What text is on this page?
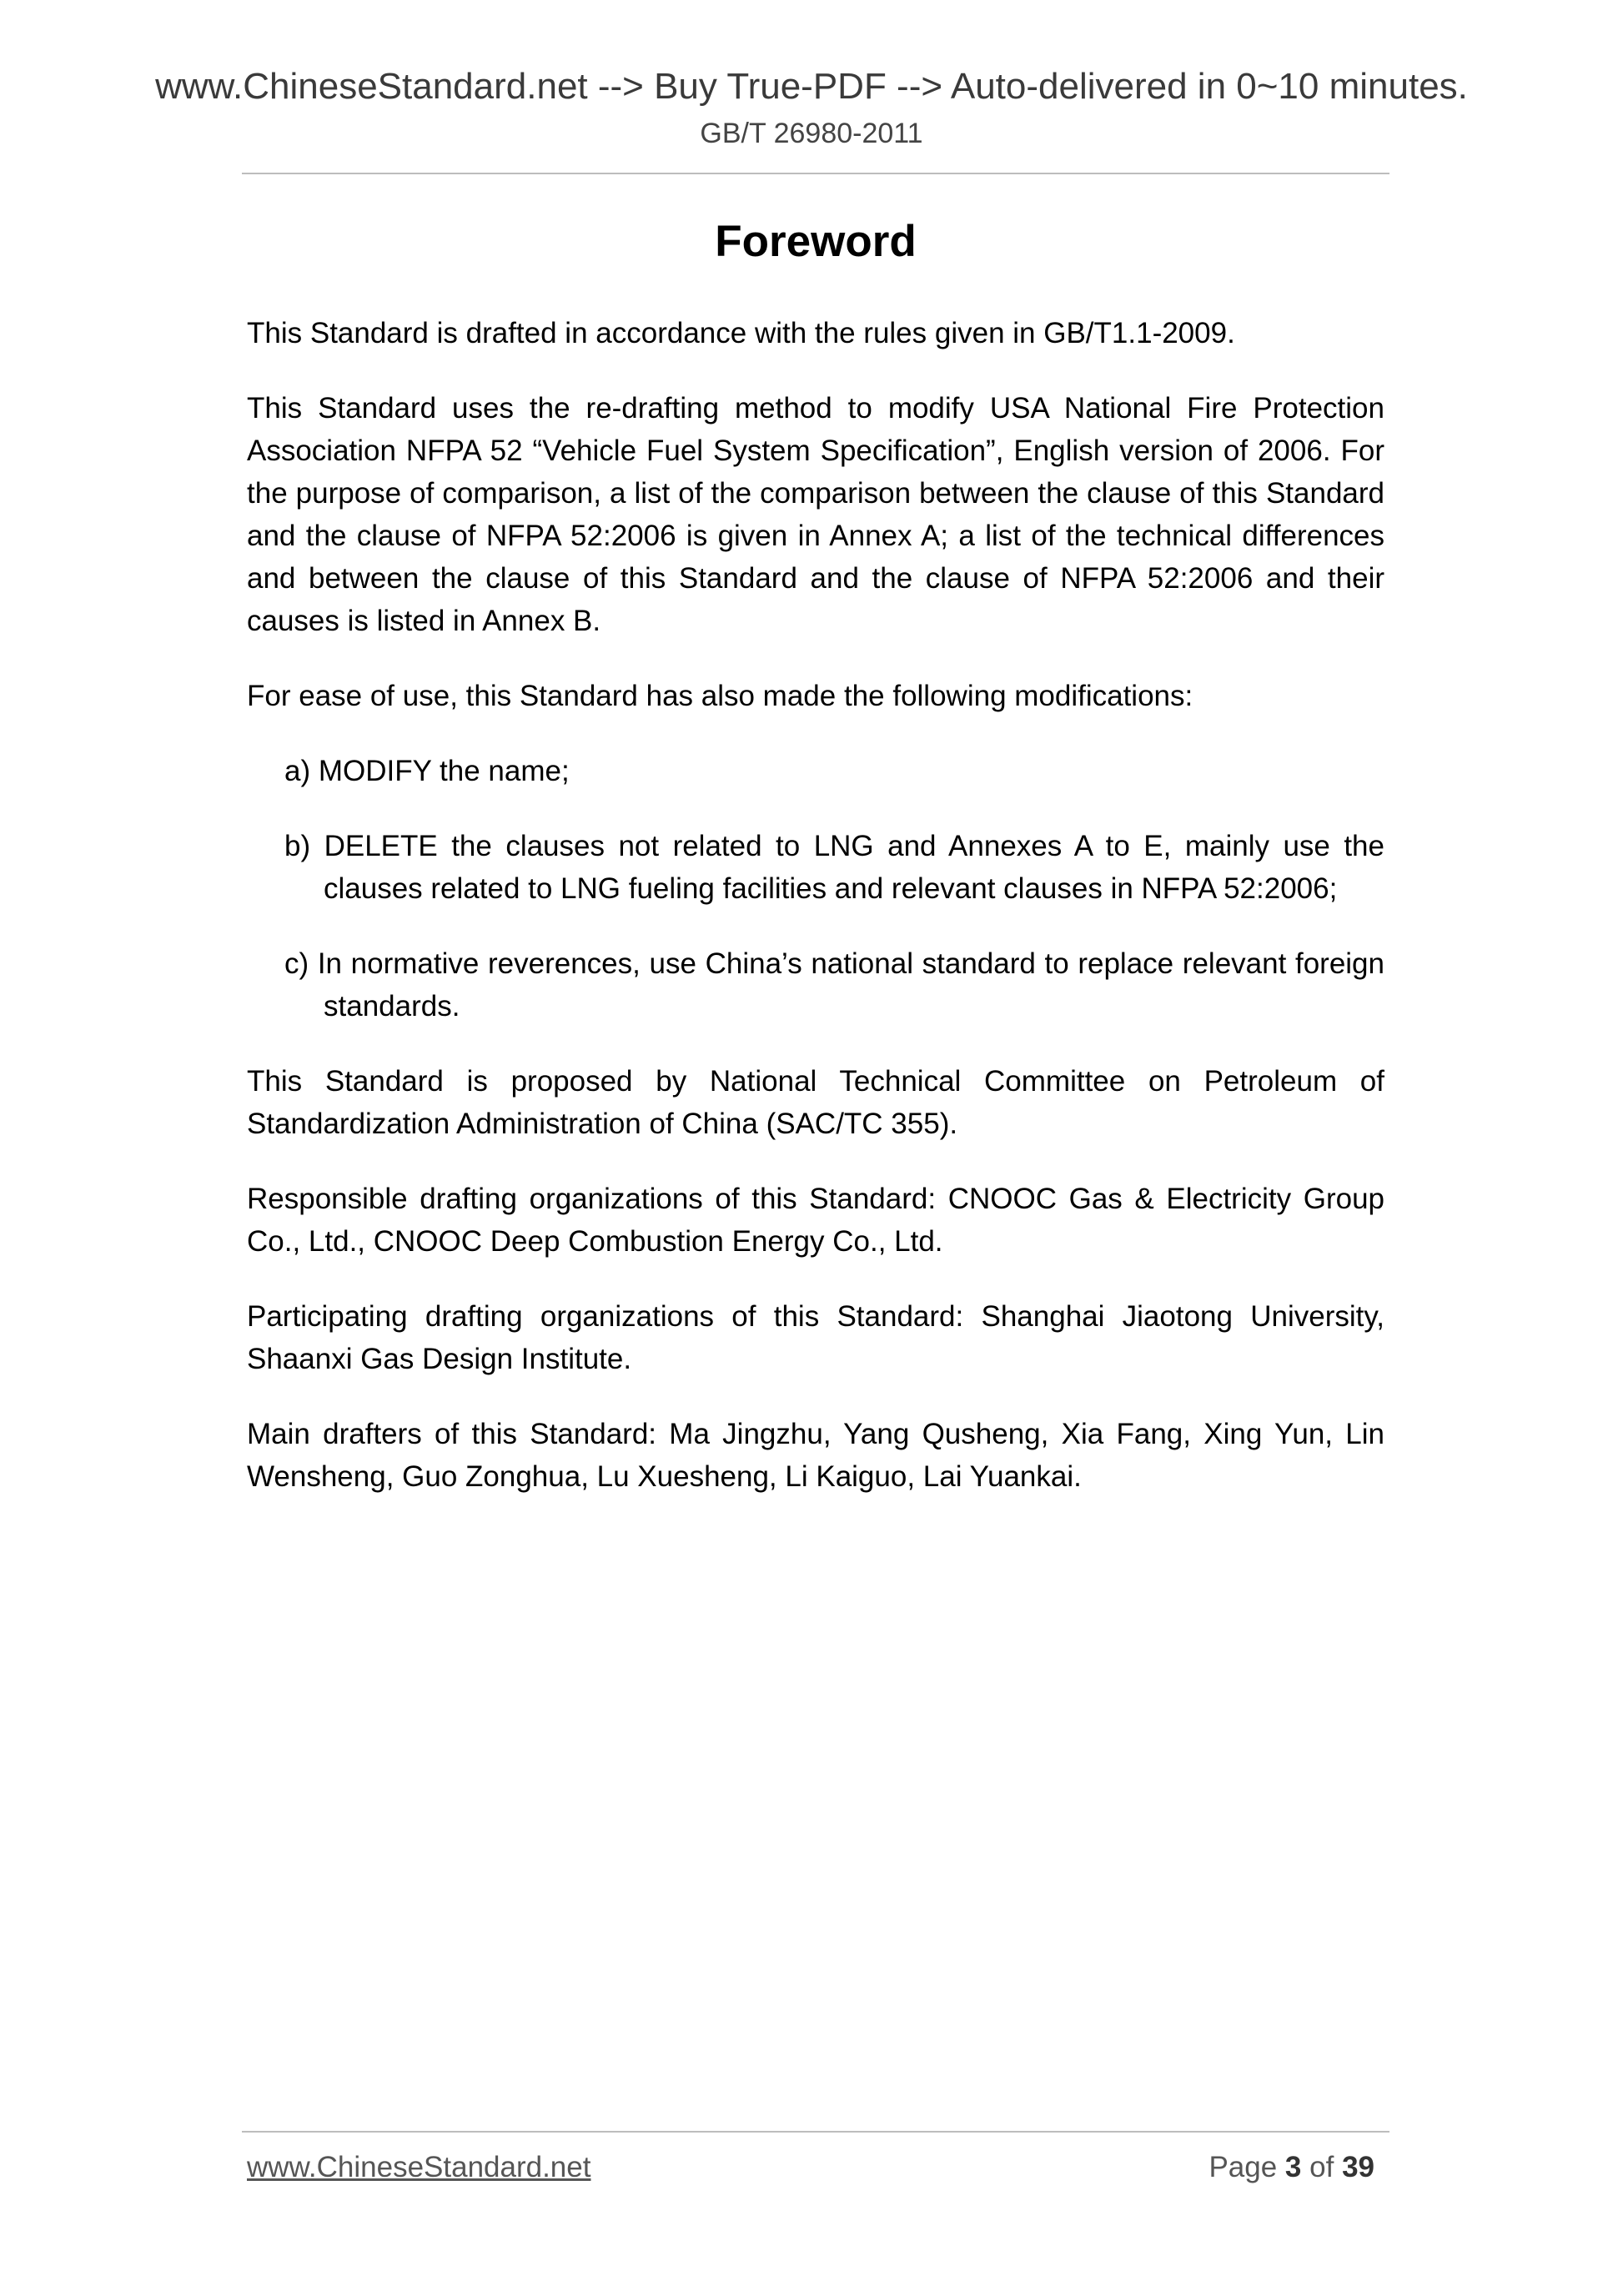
www.ChineseStandard.net --> Buy True-PDF --> Auto-delivered in 0~10 minutes.
GB/T 26980-2011
Foreword

This Standard is drafted in accordance with the rules given in GB/T1.1-2009.

This Standard uses the re-drafting method to modify USA National Fire Protection Association NFPA 52 “Vehicle Fuel System Specification”, English version of 2006. For the purpose of comparison, a list of the comparison between the clause of this Standard and the clause of NFPA 52:2006 is given in Annex A; a list of the technical differences and between the clause of this Standard and the clause of NFPA 52:2006 and their causes is listed in Annex B.

For ease of use, this Standard has also made the following modifications:

a) MODIFY the name;

b) DELETE the clauses not related to LNG and Annexes A to E, mainly use the clauses related to LNG fueling facilities and relevant clauses in NFPA 52:2006;

c) In normative reverences, use China’s national standard to replace relevant foreign standards.

This Standard is proposed by National Technical Committee on Petroleum of Standardization Administration of China (SAC/TC 355).

Responsible drafting organizations of this Standard: CNOOC Gas & Electricity Group Co., Ltd., CNOOC Deep Combustion Energy Co., Ltd.

Participating drafting organizations of this Standard: Shanghai Jiaotong University, Shaanxi Gas Design Institute.

Main drafters of this Standard: Ma Jingzhu, Yang Qusheng, Xia Fang, Xing Yun, Lin Wensheng, Guo Zonghua, Lu Xuesheng, Li Kaiguo, Lai Yuankai.

www.ChineseStandard.net	Page 3 of 39
